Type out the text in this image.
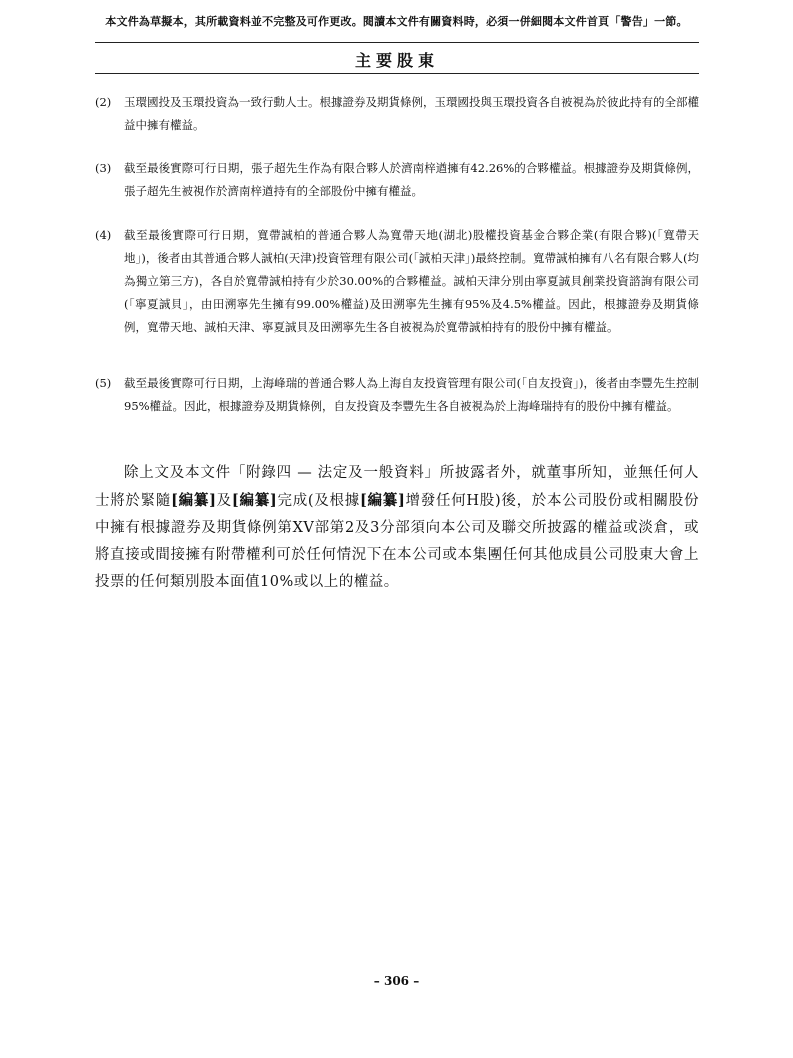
本文件為草擬本，其所載資料並不完整及可作更改。閱讀本文件有關資料時，必須一併細閱本文件首頁「警告」一節。
主要股東
(2)	玉環國投及玉環投資為一致行動人士。根據證券及期貨條例，玉環國投與玉環投資各自被視為於彼此持有的全部權益中擁有權益。
(3)	截至最後實際可行日期，張子超先生作為有限合夥人於濟南梓遒擁有42.26%的合夥權益。根據證券及期貨條例，張子超先生被視作於濟南梓遒持有的全部股份中擁有權益。
(4)	截至最後實際可行日期，寬帶誠柏的普通合夥人為寬帶天地(湖北)股權投資基金合夥企業(有限合夥)(「寬帶天地」)，後者由其普通合夥人誠柏(天津)投資管理有限公司(「誠柏天津」)最終控制。寬帶誠柏擁有八名有限合夥人(均為獨立第三方)，各自於寬帶誠柏持有少於30.00%的合夥權益。誠柏天津分別由寧夏誠貝創業投資諮詢有限公司(「寧夏誠貝」，由田溯寧先生擁有99.00%權益)及田溯寧先生擁有95%及4.5%權益。因此，根據證券及期貨條例，寬帶天地、誠柏天津、寧夏誠貝及田溯寧先生各自被視為於寬帶誠柏持有的股份中擁有權益。
(5)	截至最後實際可行日期，上海峰瑞的普通合夥人為上海自友投資管理有限公司(「自友投資」)，後者由李豐先生控制95%權益。因此，根據證券及期貨條例，自友投資及李豐先生各自被視為於上海峰瑞持有的股份中擁有權益。
除上文及本文件「附錄四 — 法定及一般資料」所披露者外，就董事所知，並無任何人士將於緊隨[編纂]及[編纂]完成(及根據[編纂]增發任何H股)後，於本公司股份或相關股份中擁有根據證券及期貨條例第XV部第2及3分部須向本公司及聯交所披露的權益或淡倉，或將直接或間接擁有附帶權利可於任何情況下在本公司或本集團任何其他成員公司股東大會上投票的任何類別股本面值10%或以上的權益。
– 306 –
